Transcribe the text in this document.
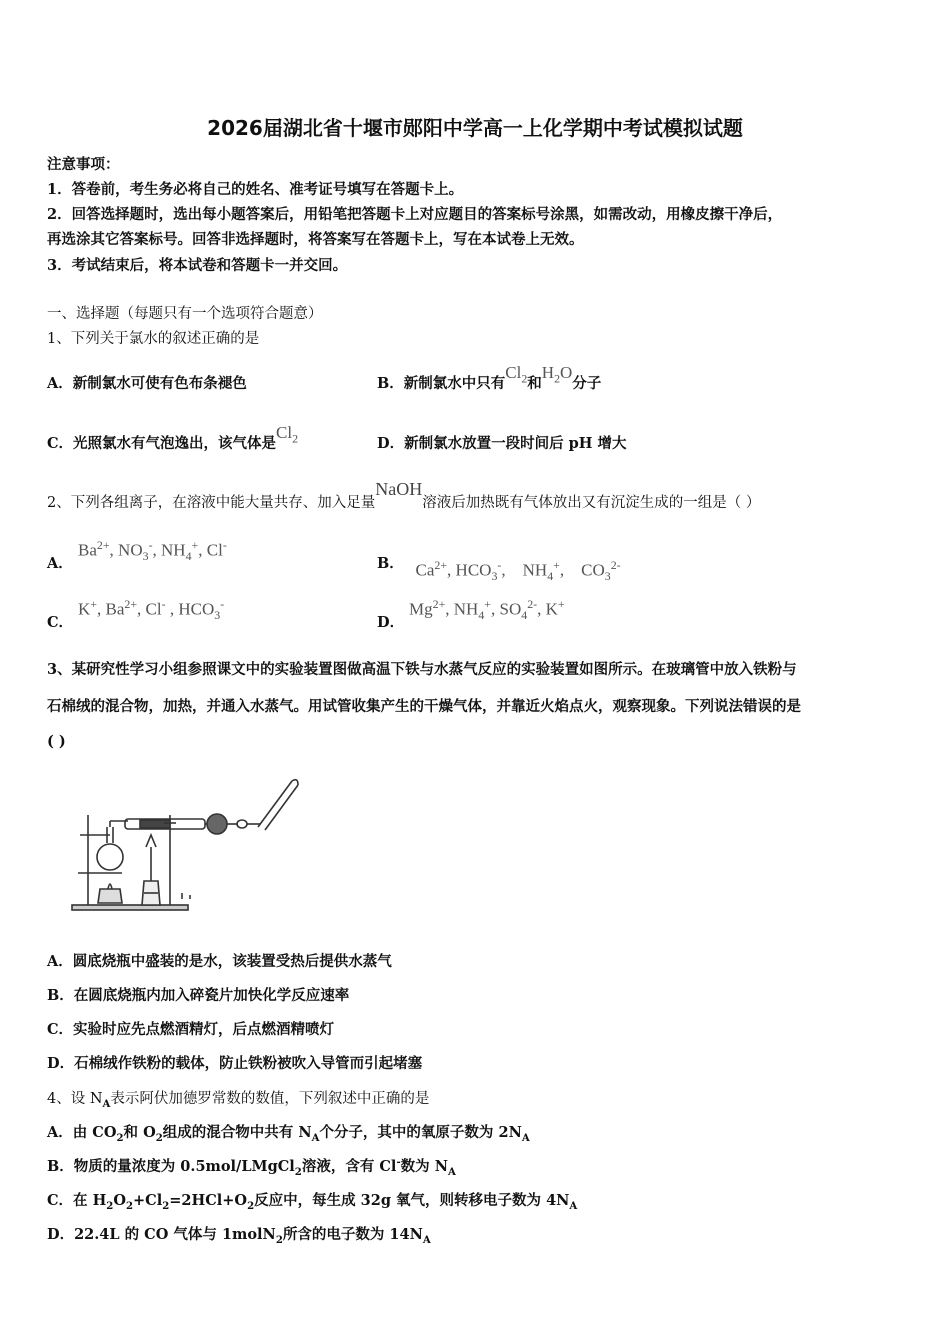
2026届湖北省十堰市郧阳中学高一上化学期中考试模拟试题
注意事项：
1．答卷前，考生务必将自己的姓名、准考证号填写在答题卡上。
2．回答选择题时，选出每小题答案后，用铅笔把答题卡上对应题目的答案标号涂黑，如需改动，用橡皮擦干净后，
再选涂其它答案标号。回答非选择题时，将答案写在答题卡上，写在本试卷上无效。
3．考试结束后，将本试卷和答题卡一并交回。
一、选择题（每题只有一个选项符合题意）
1、下列关于氯水的叙述正确的是
A．新制氯水可使有色布条褪色	B．新制氯水中只有$Cl_2$和$H_2O$分子
C．光照氯水有气泡逸出，该气体是$Cl_2$	D．新制氯水放置一段时间后 pH 增大
2、下列各组离子，在溶液中能大量共存、加入足量NaOH溶液后加热既有气体放出又有沉淀生成的一组是（ ）
A．
$Ba^{2+}$, $NO_3^-$, $NH_4^+$, Cl-
B． $Ca^{2+}$, $HCO_3^-$,    $NH_4^+$,    $CO_3^{2-}$

C．
K+, $Ba^{2+}$, Cl- , $HCO_3^-$
D．
$Mg^{2+}$, $NH_4^+$, $SO_4^{2-}$, K+
3、某研究性学习小组参照课文中的实验装置图做高温下铁与水蒸气反应的实验装置如图所示。在玻璃管中放入铁粉与
石棉绒的混合物，加热，并通入水蒸气。用试管收集产生的干燥气体，并靠近火焰点火，观察现象。下列说法错误的是
( )
A．圆底烧瓶中盛装的是水，该装置受热后提供水蒸气
B．在圆底烧瓶内加入碎瓷片加快化学反应速率
C．实验时应先点燃酒精灯，后点燃酒精喷灯
D．石棉绒作铁粉的载体，防止铁粉被吹入导管而引起堵塞
4、设 $N_A$表示阿伏加德罗常数的数值，下列叙述中正确的是
A．由 $CO_2$和 $O_2$组成的混合物中共有 $N_A$个分子，其中的氧原子数为 $2N_A$
B．物质的量浓度为 0.5mol/LMgCl$_2$溶液，含有 Cl-数为 $N_A$
C．在 $H_2O_2+Cl_2=2HCl+O_2$反应中，每生成 32g 氧气，则转移电子数为 $4N_A$
D．22.4L 的 CO 气体与 1molN$_2$所含的电子数为 $14N_A$
